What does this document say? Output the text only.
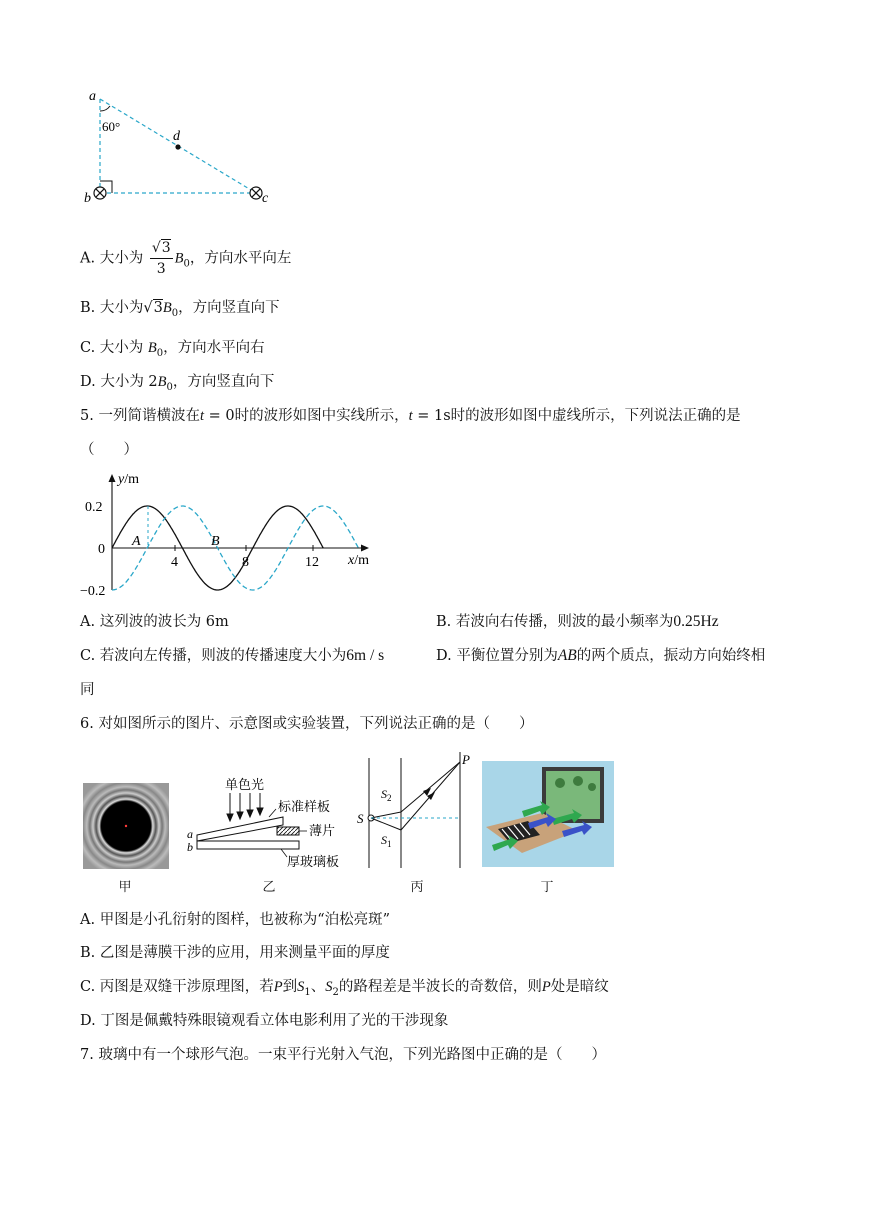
a
60°
d
b	c
A. 大小为 $\frac{√3}{3} B_0$，方向水平向左
B. 大小为$√3B_0$，方向竖直向下
C. 大小为 $B_0$，方向水平向右
D. 大小为 $2B_0$，方向竖直向下
5. 一列简谐横波在t = 0时的波形如图中实线所示，t = 1s时的波形如图中虚线所示，下列说法正确的是
（　　）
0.2
0
−0.2
4	8	12
A	B
y/m
x/m
A. 这列波的波长为 6m	B. 若波向右传播，则波的最小频率为0.25Hz
C. 若波向左传播，则波的传播速度大小为6m / s	D. 平衡位置分别为AB的两个质点，振动方向始终相
同
6. 对如图所示的图片、示意图或实验装置，下列说法正确的是（　　）
甲
单色光
标准样板
薄片
厚玻璃板
a
b
乙
P
S
$S_2$
$S_1$
丙	丁
A. 甲图是小孔衍射的图样，也被称为“泊松亮斑”
B. 乙图是薄膜干涉的应用，用来测量平面的厚度
C. 丙图是双缝干涉原理图，若P到$S_1$、$S_2$的路程差是半波长的奇数倍，则P处是暗纹
D. 丁图是佩戴特殊眼镜观看立体电影利用了光的干涉现象
7. 玻璃中有一个球形气泡。一束平行光射入气泡，下列光路图中正确的是（　　）
